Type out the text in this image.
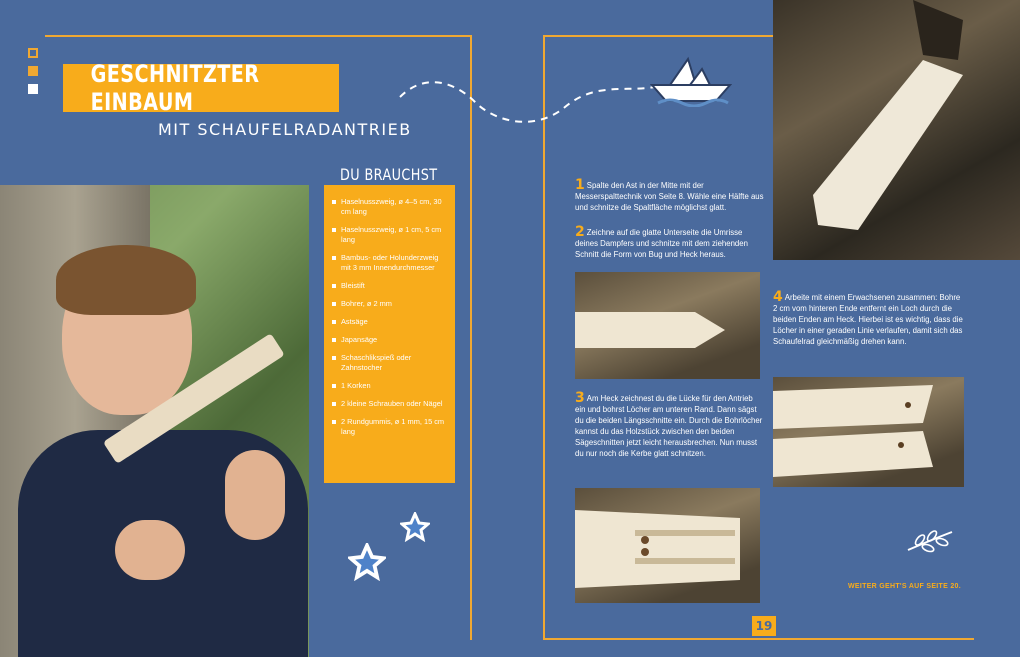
GESCHNITZTER EINBAUM
MIT SCHAUFELRADANTRIEB
DU BRAUCHST
Haselnusszweig, ø 4–5 cm, 30 cm lang
Haselnusszweig, ø 1 cm, 5 cm lang
Bambus- oder Holunderzweig mit 3 mm Innendurchmesser
Bleistift
Bohrer, ø 2 mm
Astsäge
Japansäge
Schaschlikspieß oder Zahnstocher
1 Korken
2 kleine Schrauben oder Nägel
2 Rundgummis, ø 1 mm, 15 cm lang
1 Spalte den Ast in der Mitte mit der Messerspalttechnik von Seite 8. Wähle eine Hälfte aus und schnitze die Spaltfläche möglichst glatt.
2 Zeichne auf die glatte Unterseite die Umrisse deines Dampfers und schnitze mit dem ziehenden Schnitt die Form von Bug und Heck heraus.
3 Am Heck zeichnest du die Lücke für den Antrieb ein und bohrst Löcher am unteren Rand. Dann sägst du die beiden Längsschnitte ein. Durch die Bohrlöcher kannst du das Holzstück zwischen den beiden Sägeschnitten jetzt leicht herausbrechen. Nun musst du nur noch die Kerbe glatt schnitzen.
4 Arbeite mit einem Erwachsenen zusammen: Bohre 2 cm vom hinteren Ende entfernt ein Loch durch die beiden Enden am Heck. Hierbei ist es wichtig, dass die Löcher in einer geraden Linie verlaufen, damit sich das Schaufelrad gleichmäßig drehen kann.
WEITER GEHT'S AUF SEITE 20.
19
